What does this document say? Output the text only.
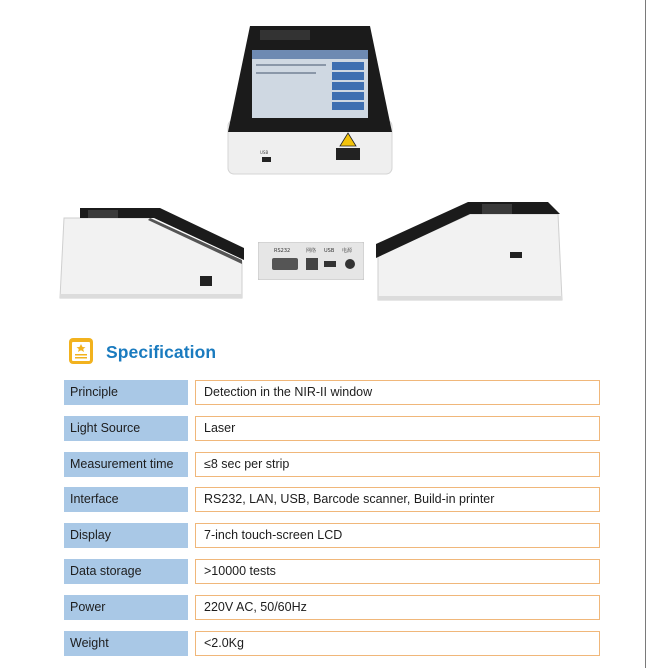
USB
RS232	网络 USB 电源
Specification
Principle	Detection in the NIR-II window
Light Source	Laser
Measurement time	≤8 sec per strip
Interface	RS232, LAN, USB, Barcode scanner, Build-in printer
Display	7-inch touch-screen LCD
Data storage	>10000 tests
Power	220V AC, 50/60Hz
Weight	<2.0Kg
